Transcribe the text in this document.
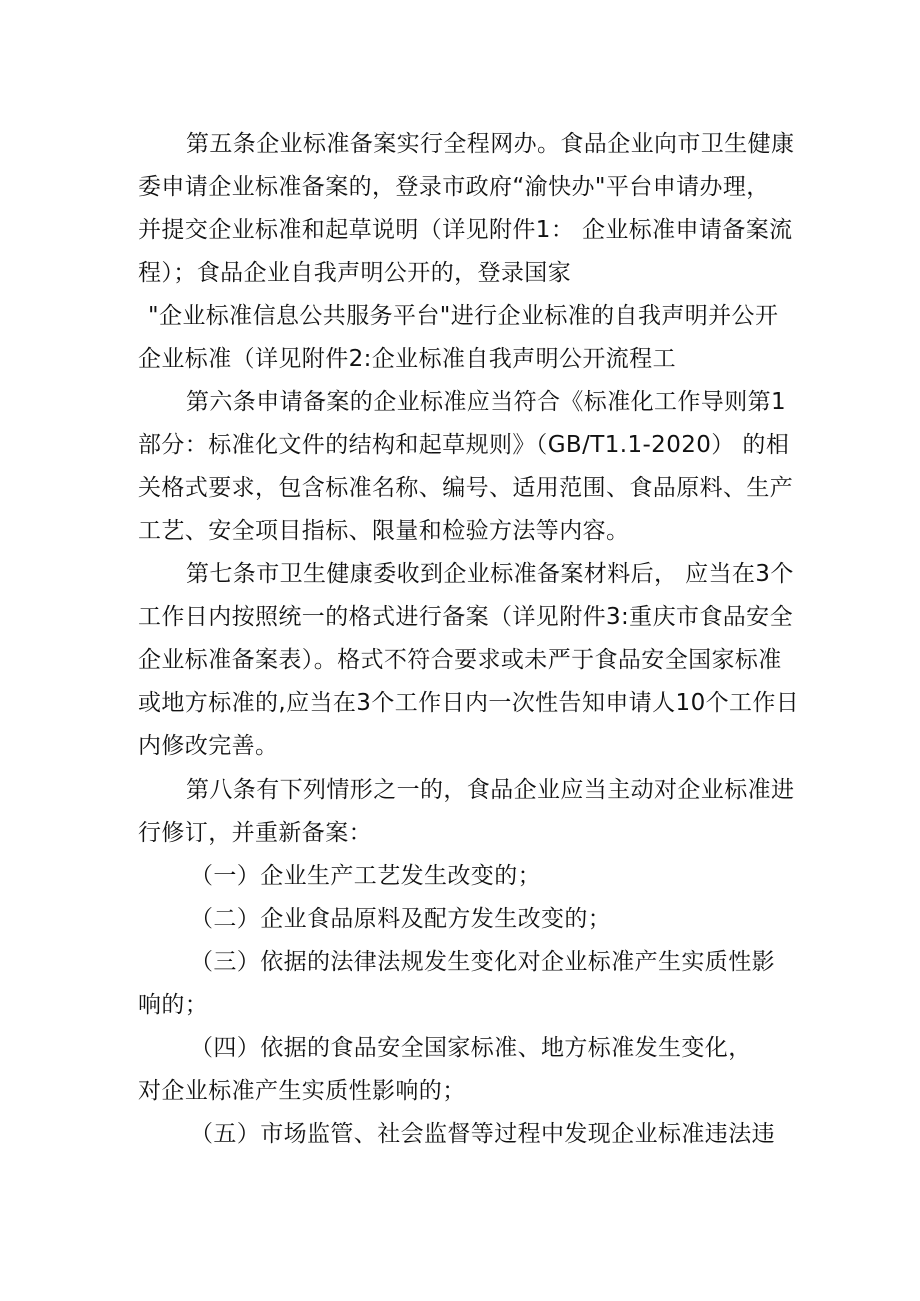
第五条企业标准备案实行全程网办。食品企业向市卫生健康
委申请企业标准备案的，登录市政府“渝快办"平台申请办理，
并提交企业标准和起草说明（详见附件1： 企业标准申请备案流
程）；食品企业自我声明公开的，登录国家
"企业标准信息公共服务平台"进行企业标准的自我声明并公开
企业标准（详见附件2:企业标准自我声明公开流程工
第六条申请备案的企业标准应当符合《标准化工作导则第1
部分：标准化文件的结构和起草规则》（GB/T1.1-2020） 的相
关格式要求，包含标准名称、编号、适用范围、食品原料、生产
工艺、安全项目指标、限量和检验方法等内容。
第七条市卫生健康委收到企业标准备案材料后， 应当在3个
工作日内按照统一的格式进行备案（详见附件3:重庆市食品安全
企业标准备案表）。格式不符合要求或未严于食品安全国家标准
或地方标准的,应当在3个工作日内一次性告知申请人10个工作日
内修改完善。
第八条有下列情形之一的，食品企业应当主动对企业标准进
行修订，并重新备案：
（一）企业生产工艺发生改变的；
（二）企业食品原料及配方发生改变的；
（三）依据的法律法规发生变化对企业标准产生实质性影
响的；
（四）依据的食品安全国家标准、地方标准发生变化，
对企业标准产生实质性影响的；
（五）市场监管、社会监督等过程中发现企业标准违法违
